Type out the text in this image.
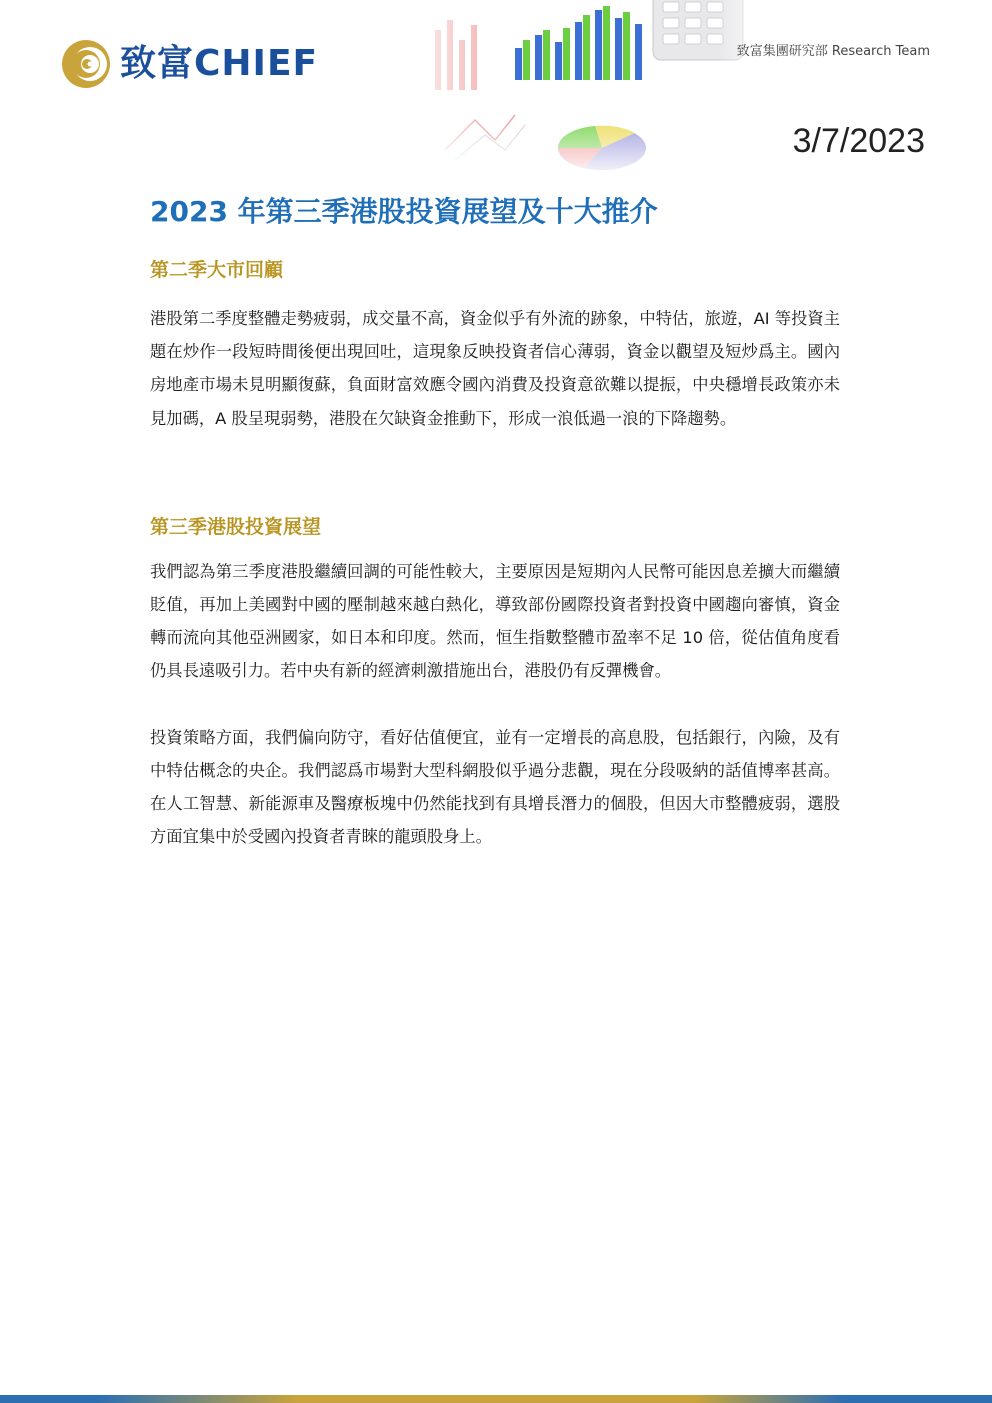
致富CHIEF	致富集團研究部 Research Team
3/7/2023
2023 年第三季港股投資展望及十大推介
第二季大市回顧

港股第二季度整體走勢疲弱，成交量不高，資金似乎有外流的跡象，中特估，旅遊，AI 等投資主題在炒作一段短時間後便出現回吐，這現象反映投資者信心薄弱，資金以觀望及短炒爲主。國內房地產市場未見明顯復蘇，負面財富效應令國內消費及投資意欲難以提振，中央穩增長政策亦未見加碼，A 股呈現弱勢，港股在欠缺資金推動下，形成一浪低過一浪的下降趨勢。

第三季港股投資展望

我們認為第三季度港股繼續回調的可能性較大，主要原因是短期內人民幣可能因息差擴大而繼續貶值，再加上美國對中國的壓制越來越白熱化，導致部份國際投資者對投資中國趨向審慎，資金轉而流向其他亞洲國家，如日本和印度。然而，恒生指數整體市盈率不足 10 倍，從估值角度看仍具長遠吸引力。若中央有新的經濟刺激措施出台，港股仍有反彈機會。

投資策略方面，我們偏向防守，看好估值便宜，並有一定增長的高息股，包括銀行，內險，及有中特估概念的央企。我們認爲市場對大型科網股似乎過分悲觀，現在分段吸納的話值博率甚高。在人工智慧、新能源車及醫療板塊中仍然能找到有具增長潛力的個股，但因大市整體疲弱，選股方面宜集中於受國內投資者青睞的龍頭股身上。
